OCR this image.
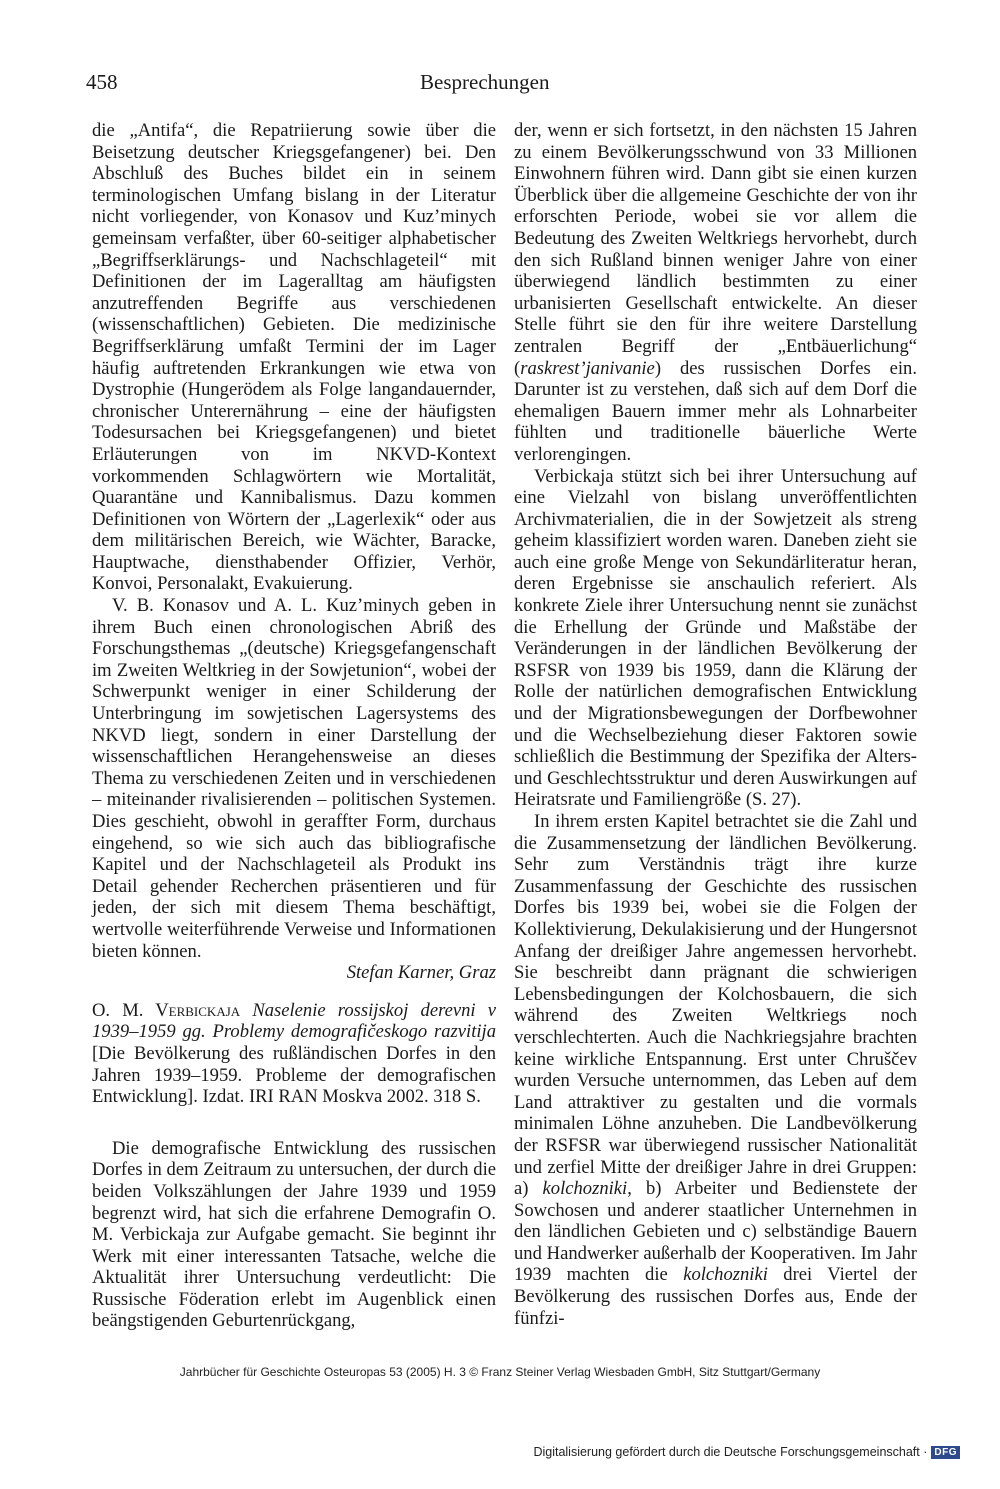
458	Besprechungen

die „Antifa“, die Repatriierung sowie über die Beisetzung deutscher Kriegsgefangener) bei. Den Abschluß des Buches bildet ein in seinem terminologischen Umfang bislang in der Literatur nicht vorliegender, von Konasov und Kuz’minych gemeinsam verfaßter, über 60-seitiger alphabetischer „Begriffserklärungs- und Nachschlageteil“ mit Definitionen der im Lageralltag am häufigsten anzutreffenden Begriffe aus verschiedenen (wissenschaftlichen) Gebieten. Die medizinische Begriffserklärung umfaßt Termini der im Lager häufig auftretenden Erkrankungen wie etwa von Dystrophie (Hungerödem als Folge langandauernder, chronischer Unterernährung – eine der häufigsten Todesursachen bei Kriegsgefangenen) und bietet Erläuterungen von im NKVD-Kontext vorkommenden Schlagwörtern wie Mortalität, Quarantäne und Kannibalismus. Dazu kommen Definitionen von Wörtern der „Lagerlexik“ oder aus dem militärischen Bereich, wie Wächter, Baracke, Hauptwache, diensthabender Offizier, Verhör, Konvoi, Personalakt, Evakuierung.

V. B. Konasov und A. L. Kuz’minych geben in ihrem Buch einen chronologischen Abriß des Forschungsthemas „(deutsche) Kriegsgefangenschaft im Zweiten Weltkrieg in der Sowjetunion“, wobei der Schwerpunkt weniger in einer Schilderung der Unterbringung im sowjetischen Lagersystems des NKVD liegt, sondern in einer Darstellung der wissenschaftlichen Herangehensweise an dieses Thema zu verschiedenen Zeiten und in verschiedenen – miteinander rivalisierenden – politischen Systemen. Dies geschieht, obwohl in geraffter Form, durchaus eingehend, so wie sich auch das bibliografische Kapitel und der Nachschlageteil als Produkt ins Detail gehender Recherchen präsentieren und für jeden, der sich mit diesem Thema beschäftigt, wertvolle weiterführende Verweise und Informationen bieten können.

Stefan Karner, Graz

O. M. Verbickaja Naselenie rossijskoj derevni v 1939–1959 gg. Problemy demografičeskogo razvitija [Die Bevölkerung des rußländischen Dorfes in den Jahren 1939–1959. Probleme der demografischen Entwicklung]. Izdat. IRI RAN Moskva 2002. 318 S.

Die demografische Entwicklung des russischen Dorfes in dem Zeitraum zu untersuchen, der durch die beiden Volkszählungen der Jahre 1939 und 1959 begrenzt wird, hat sich die erfahrene Demografin O. M. Verbickaja zur Aufgabe gemacht. Sie beginnt ihr Werk mit einer interessanten Tatsache, welche die Aktualität ihrer Untersuchung verdeutlicht: Die Russische Föderation erlebt im Augenblick einen beängstigenden Geburtenrückgang,

der, wenn er sich fortsetzt, in den nächsten 15 Jahren zu einem Bevölkerungsschwund von 33 Millionen Einwohnern führen wird. Dann gibt sie einen kurzen Überblick über die allgemeine Geschichte der von ihr erforschten Periode, wobei sie vor allem die Bedeutung des Zweiten Weltkriegs hervorhebt, durch den sich Rußland binnen weniger Jahre von einer überwiegend ländlich bestimmten zu einer urbanisierten Gesellschaft entwickelte. An dieser Stelle führt sie den für ihre weitere Darstellung zentralen Begriff der „Entbäuerlichung“ (raskrest’janivanie) des russischen Dorfes ein. Darunter ist zu verstehen, daß sich auf dem Dorf die ehemaligen Bauern immer mehr als Lohnarbeiter fühlten und traditionelle bäuerliche Werte verlorengingen.

Verbickaja stützt sich bei ihrer Untersuchung auf eine Vielzahl von bislang unveröffentlichten Archivmaterialien, die in der Sowjetzeit als streng geheim klassifiziert worden waren. Daneben zieht sie auch eine große Menge von Sekundärliteratur heran, deren Ergebnisse sie anschaulich referiert. Als konkrete Ziele ihrer Untersuchung nennt sie zunächst die Erhellung der Gründe und Maßstäbe der Veränderungen in der ländlichen Bevölkerung der RSFSR von 1939 bis 1959, dann die Klärung der Rolle der natürlichen demografischen Entwicklung und der Migrationsbewegungen der Dorfbewohner und die Wechselbeziehung dieser Faktoren sowie schließlich die Bestimmung der Spezifika der Alters- und Geschlechtsstruktur und deren Auswirkungen auf Heiratsrate und Familiengröße (S. 27).

In ihrem ersten Kapitel betrachtet sie die Zahl und die Zusammensetzung der ländlichen Bevölkerung. Sehr zum Verständnis trägt ihre kurze Zusammenfassung der Geschichte des russischen Dorfes bis 1939 bei, wobei sie die Folgen der Kollektivierung, Dekulakisierung und der Hungersnot Anfang der dreißiger Jahre angemessen hervorhebt. Sie beschreibt dann prägnant die schwierigen Lebensbedingungen der Kolchosbauern, die sich während des Zweiten Weltkriegs noch verschlechterten. Auch die Nachkriegsjahre brachten keine wirkliche Entspannung. Erst unter Chruščev wurden Versuche unternommen, das Leben auf dem Land attraktiver zu gestalten und die vormals minimalen Löhne anzuheben. Die Landbevölkerung der RSFSR war überwiegend russischer Nationalität und zerfiel Mitte der dreißiger Jahre in drei Gruppen: a) kolchozniki, b) Arbeiter und Bedienstete der Sowchosen und anderer staatlicher Unternehmen in den ländlichen Gebieten und c) selbständige Bauern und Handwerker außerhalb der Kooperativen. Im Jahr 1939 machten die kolchozniki drei Viertel der Bevölkerung des russischen Dorfes aus, Ende der fünfzi-

Jahrbücher für Geschichte Osteuropas 53 (2005) H. 3 © Franz Steiner Verlag Wiesbaden GmbH, Sitz Stuttgart/Germany
Digitalisierung gefördert durch die Deutsche Forschungsgemeinschaft · DFG
